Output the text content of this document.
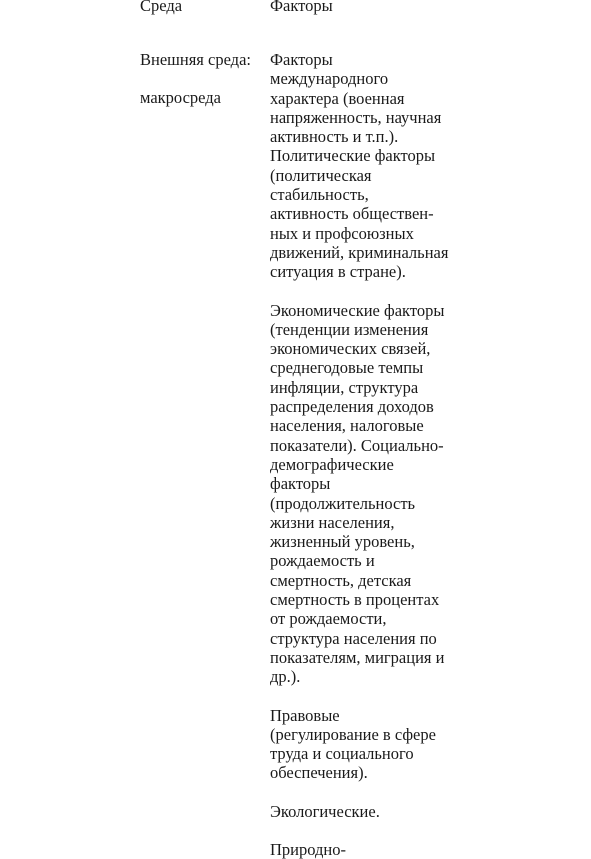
Среда	Факторы
Внешняя среда:
макросреда
Факторы
международного
характера (военная
напряженность, научная
активность и т.п.).
Политические факторы
(политическая
стабильность,
активность обществен-
ных и профсоюзных
движений, криминальная
ситуация в стране).
Экономические факторы
(тенденции изменения
экономических связей,
среднегодовые темпы
инфляции, структура
распределения доходов
населения, налоговые
показатели). Социально-
демографические
факторы
(продолжительность
жизни населения,
жизненный уровень,
рождаемость и
смертность, детская
смертность в процентах
от рождаемости,
структура населения по
показателям, миграция и
др.).
Правовые
(регулирование в сфере
труда и социального
обеспечения).
Экологические.
Природно-
